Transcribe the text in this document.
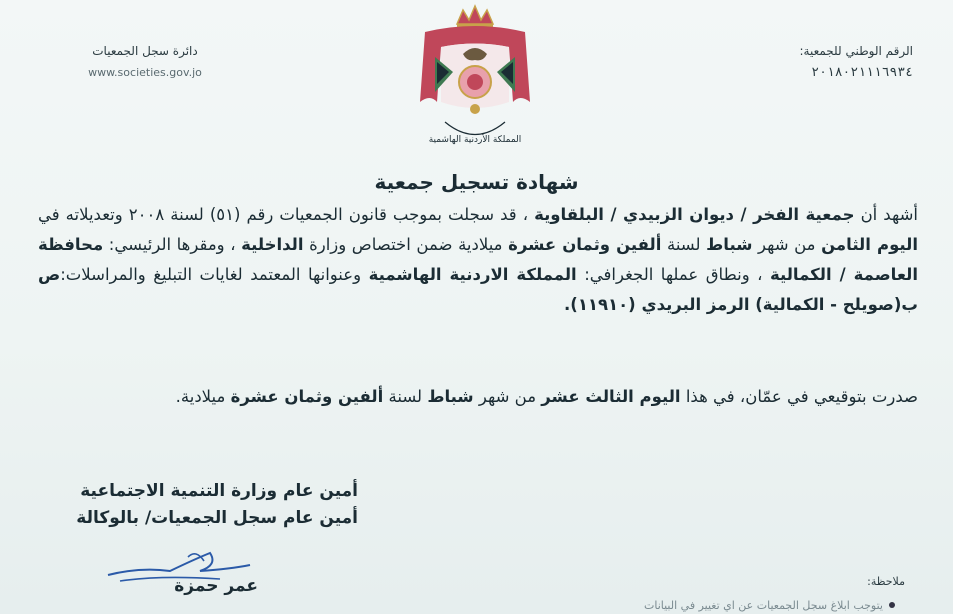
الرقم الوطني للجمعية:
٢٠١٨٠٢١١١٦٩٣٤
دائرة سجل الجمعيات
www.societies.gov.jo
المملكة الأردنية الهاشمية
شهادة تسجيل جمعية
أشهد أن جمعية الفخر / ديوان الزبيدي / البلقاوية ، قد سجلت بموجب قانون الجمعيات رقم (٥١) لسنة ٢٠٠٨ وتعديلاته في اليوم الثامن من شهر شباط لسنة ألفين وثمان عشرة ميلادية ضمن اختصاص وزارة الداخلية ، ومقرها الرئيسي: محافظة العاصمة / الكمالية ، ونطاق عملها الجغرافي: المملكة الاردنية الهاشمية وعنوانها المعتمد لغايات التبليغ والمراسلات:ص ب(صويلح - الكمالية) الرمز البريدي (١١٩١٠).
صدرت بتوقيعي في عمّان، في هذا اليوم الثالث عشر من شهر شباط لسنة ألفين وثمان عشرة ميلادية.
أمين عام وزارة التنمية الاجتماعية
أمين عام سجل الجمعيات/ بالوكالة
عمر حمزة	ملاحظة:
يتوجب ابلاغ سجل الجمعيات عن اي تغيير في البيانات
